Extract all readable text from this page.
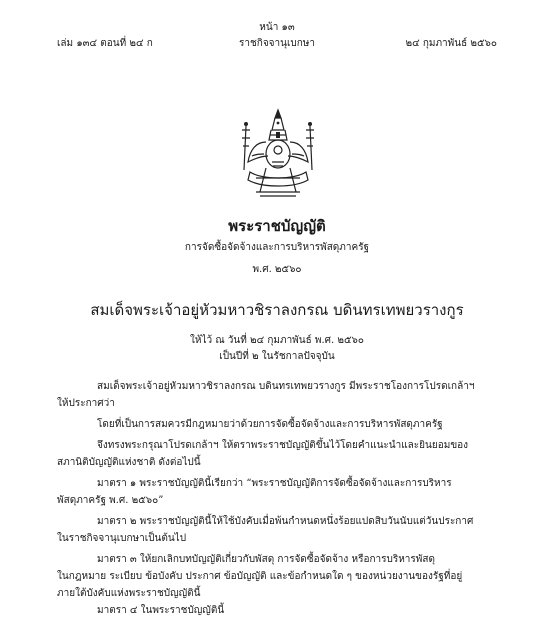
หน้า ๑๓
เล่ม ๑๓๔ ตอนที่ ๒๔ ก	ราชกิจจานุเบกษา	๒๔ กุมภาพันธ์ ๒๕๖๐
พระราชบัญญัติ
การจัดซื้อจัดจ้างและการบริหารพัสดุภาครัฐ
พ.ศ. ๒๕๖๐
สมเด็จพระเจ้าอยู่หัวมหาวชิราลงกรณ บดินทรเทพยวรางกูร
ให้ไว้ ณ วันที่ ๒๔ กุมภาพันธ์ พ.ศ. ๒๕๖๐
เป็นปีที่ ๒ ในรัชกาลปัจจุบัน
สมเด็จพระเจ้าอยู่หัวมหาวชิราลงกรณ บดินทรเทพยวรางกูร มีพระราชโองการโปรดเกล้าฯ
ให้ประกาศว่า
โดยที่เป็นการสมควรมีกฎหมายว่าด้วยการจัดซื้อจัดจ้างและการบริหารพัสดุภาครัฐ
จึงทรงพระกรุณาโปรดเกล้าฯ ให้ตราพระราชบัญญัติขึ้นไว้โดยคำแนะนำและยินยอมของ
สภานิติบัญญัติแห่งชาติ ดังต่อไปนี้
มาตรา ๑ พระราชบัญญัตินี้เรียกว่า “พระราชบัญญัติการจัดซื้อจัดจ้างและการบริหาร
พัสดุภาครัฐ พ.ศ. ๒๕๖๐”
มาตรา ๒ พระราชบัญญัตินี้ให้ใช้บังคับเมื่อพ้นกำหนดหนึ่งร้อยแปดสิบวันนับแต่วันประกาศ
ในราชกิจจานุเบกษาเป็นต้นไป
มาตรา ๓ ให้ยกเลิกบทบัญญัติเกี่ยวกับพัสดุ การจัดซื้อจัดจ้าง หรือการบริหารพัสดุ
ในกฎหมาย ระเบียบ ข้อบังคับ ประกาศ ข้อบัญญัติ และข้อกำหนดใด ๆ ของหน่วยงานของรัฐที่อยู่
ภายใต้บังคับแห่งพระราชบัญญัตินี้
มาตรา ๔ ในพระราชบัญญัตินี้
